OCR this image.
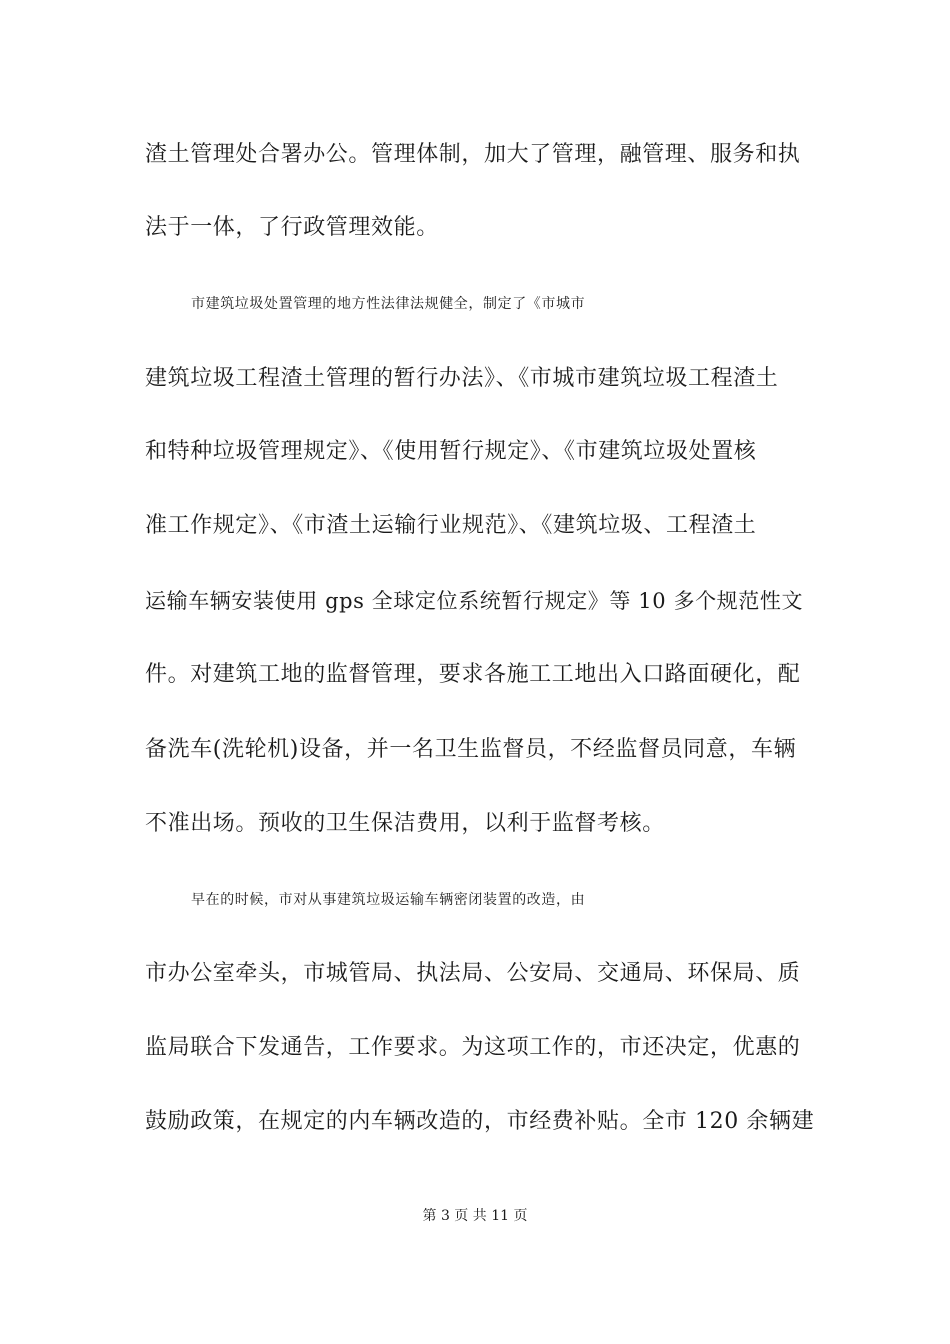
渣土管理处合署办公。管理体制，加大了管理，融管理、服务和执
法于一体，了行政管理效能。
市建筑垃圾处置管理的地方性法律法规健全，制定了《市城市
建筑垃圾工程渣土管理的暂行办法》、《市城市建筑垃圾工程渣土
和特种垃圾管理规定》、《使用暂行规定》、《市建筑垃圾处置核
准工作规定》、《市渣土运输行业规范》、《建筑垃圾、工程渣土
运输车辆安装使用 gps 全球定位系统暂行规定》等 10 多个规范性文
件。对建筑工地的监督管理，要求各施工工地出入口路面硬化，配
备洗车(洗轮机)设备，并一名卫生监督员，不经监督员同意，车辆
不准出场。预收的卫生保洁费用，以利于监督考核。
早在的时候，市对从事建筑垃圾运输车辆密闭装置的改造，由
市办公室牵头，市城管局、执法局、公安局、交通局、环保局、质
监局联合下发通告，工作要求。为这项工作的，市还决定，优惠的
鼓励政策，在规定的内车辆改造的，市经费补贴。全市 120 余辆建
第 3 页 共 11 页
